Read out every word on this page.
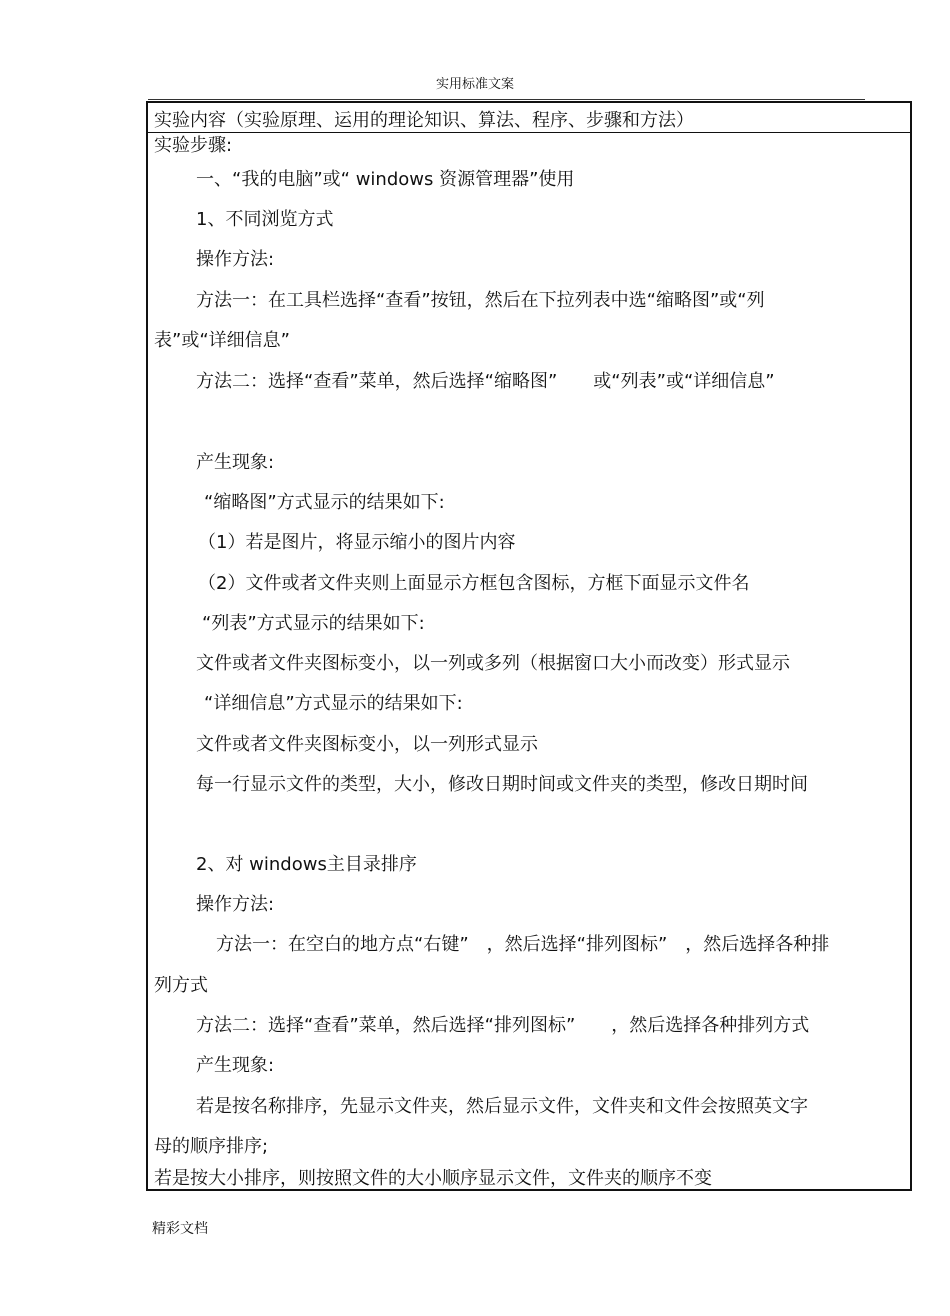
实用标准文案
实验内容（实验原理、运用的理论知识、算法、程序、步骤和方法）
实验步骤:
一、“我的电脑”或“ windows 资源管理器”使用
1、不同浏览方式
操作方法:
方法一：在工具栏选择“查看”按钮，然后在下拉列表中选“缩略图”或“列
表”或“详细信息”
方法二：选择“查看”菜单，然后选择“缩略图”　　或“列表”或“详细信息”
产生现象:
“缩略图”方式显示的结果如下:
（1）若是图片，将显示缩小的图片内容
（2）文件或者文件夹则上面显示方框包含图标，方框下面显示文件名
“列表”方式显示的结果如下:
文件或者文件夹图标变小，以一列或多列（根据窗口大小而改变）形式显示
“详细信息”方式显示的结果如下:
文件或者文件夹图标变小，以一列形式显示
每一行显示文件的类型，大小，修改日期时间或文件夹的类型，修改日期时间
2、对 windows主目录排序
操作方法:
方法一：在空白的地方点“右键”　，然后选择“排列图标”　，然后选择各种排
列方式
方法二：选择“查看”菜单，然后选择“排列图标”　　，然后选择各种排列方式
产生现象:
若是按名称排序，先显示文件夹，然后显示文件，文件夹和文件会按照英文字
母的顺序排序;
若是按大小排序，则按照文件的大小顺序显示文件，文件夹的顺序不变
精彩文档
